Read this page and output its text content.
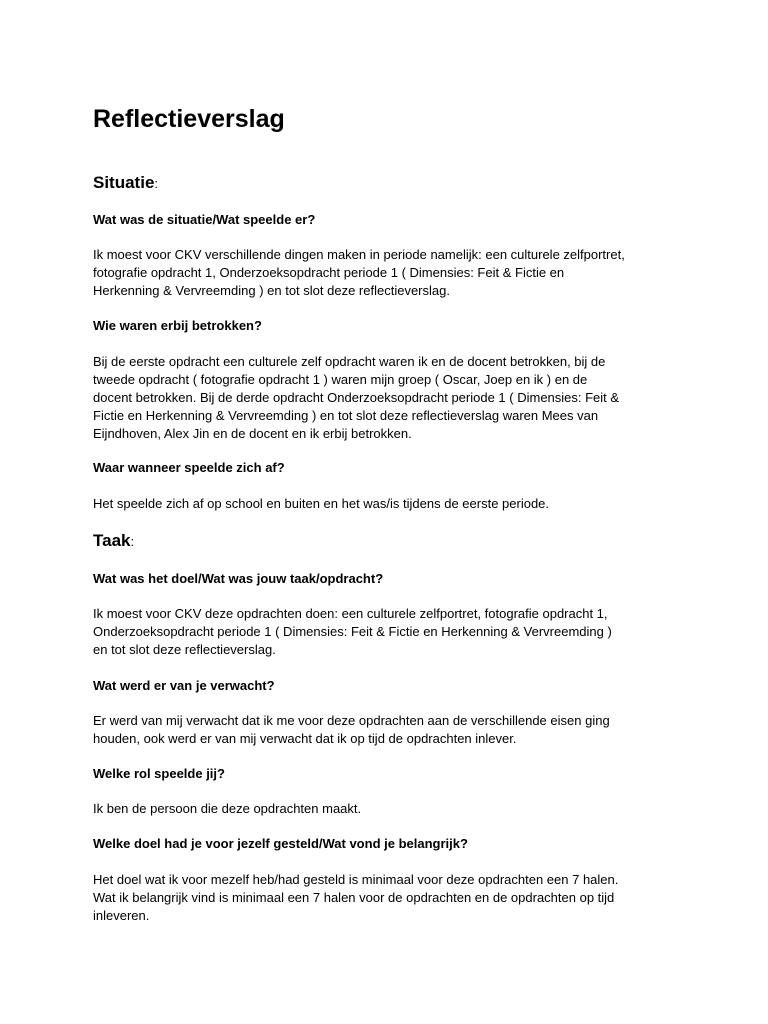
Reflectieverslag
Situatie:

Wat was de situatie/Wat speelde er?

Ik moest voor CKV verschillende dingen maken in periode namelijk: een culturele zelfportret,
fotografie opdracht 1, Onderzoeksopdracht periode 1 ( Dimensies: Feit & Fictie en
Herkenning & Vervreemding ) en tot slot deze reflectieverslag.

Wie waren erbij betrokken?

Bij de eerste opdracht een culturele zelf opdracht waren ik en de docent betrokken, bij de
tweede opdracht ( fotografie opdracht 1 ) waren mijn groep ( Oscar, Joep en ik ) en de
docent betrokken. Bij de derde opdracht Onderzoeksopdracht periode 1 ( Dimensies: Feit &
Fictie en Herkenning & Vervreemding ) en tot slot deze reflectieverslag waren Mees van
Eijndhoven, Alex Jin en de docent en ik erbij betrokken.

Waar wanneer speelde zich af?

Het speelde zich af op school en buiten en het was/is tijdens de eerste periode.
Taak:

Wat was het doel/Wat was jouw taak/opdracht?

Ik moest voor CKV deze opdrachten doen: een culturele zelfportret, fotografie opdracht 1,
Onderzoeksopdracht periode 1 ( Dimensies: Feit & Fictie en Herkenning & Vervreemding )
en tot slot deze reflectieverslag.

Wat werd er van je verwacht?

Er werd van mij verwacht dat ik me voor deze opdrachten aan de verschillende eisen ging
houden, ook werd er van mij verwacht dat ik op tijd de opdrachten inlever.

Welke rol speelde jij?

Ik ben de persoon die deze opdrachten maakt.

Welke doel had je voor jezelf gesteld/Wat vond je belangrijk?

Het doel wat ik voor mezelf heb/had gesteld is minimaal voor deze opdrachten een 7 halen.
Wat ik belangrijk vind is minimaal een 7 halen voor de opdrachten en de opdrachten op tijd
inleveren.
